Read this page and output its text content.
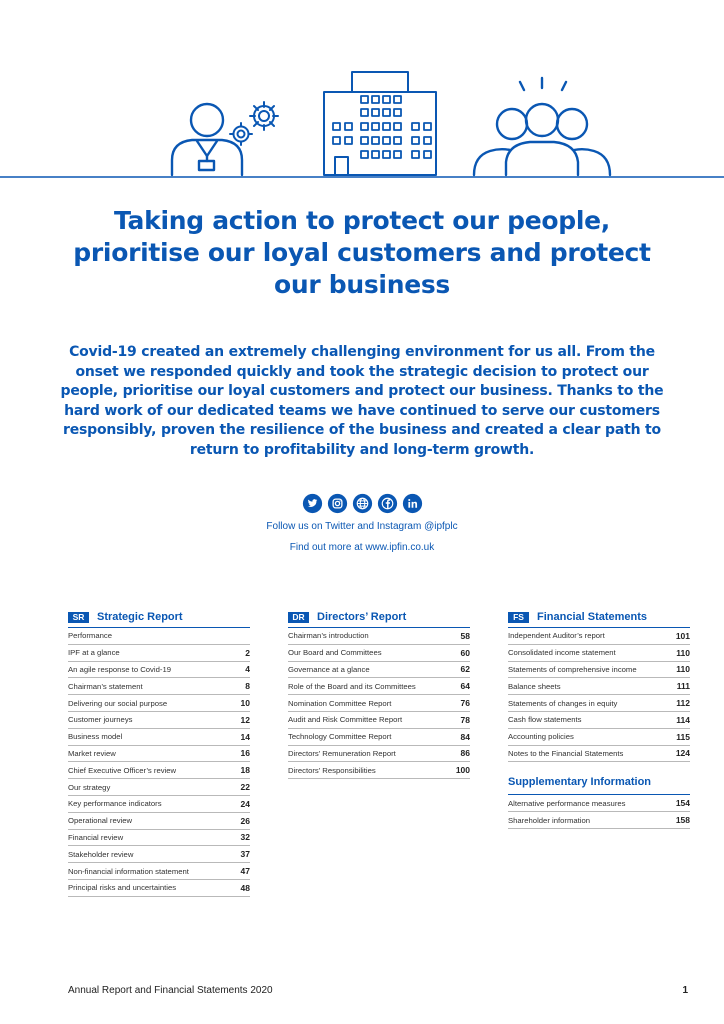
Taking action to protect our people, prioritise our loyal customers and protect our business

Covid-19 created an extremely challenging environment for us all. From the onset we responded quickly and took the strategic decision to protect our people, prioritise our loyal customers and protect our business. Thanks to the hard work of our dedicated teams we have continued to serve our customers responsibly, proven the resilience of the business and created a clear path to return to profitability and long-term growth.

Follow us on Twitter and Instagram @ipfplc

Find out more at www.ipfin.co.uk

SR	Strategic Report
Performance
IPF at a glance	2
An agile response to Covid-19	4
Chairman’s statement	8
Delivering our social purpose	10
Customer journeys	12
Business model	14
Market review	16
Chief Executive Officer’s review	18
Our strategy	22
Key performance indicators	24
Operational review	26
Financial review	32
Stakeholder review	37
Non-financial information statement	47
Principal risks and uncertainties	48
DR	Directors’ Report
Chairman’s introduction	58
Our Board and Committees	60
Governance at a glance	62
Role of the Board and its Committees	64
Nomination Committee Report	76
Audit and Risk Committee Report	78
Technology Committee Report	84
Directors’ Remuneration Report	86
Directors’ Responsibilities	100
FS	Financial Statements
Independent Auditor’s report	101
Consolidated income statement	110
Statements of comprehensive income	110
Balance sheets	111
Statements of changes in equity	112
Cash flow statements	114
Accounting policies	115
Notes to the Financial Statements	124
Supplementary Information
Alternative performance measures	154
Shareholder information	158
Annual Report and Financial Statements 2020	1
